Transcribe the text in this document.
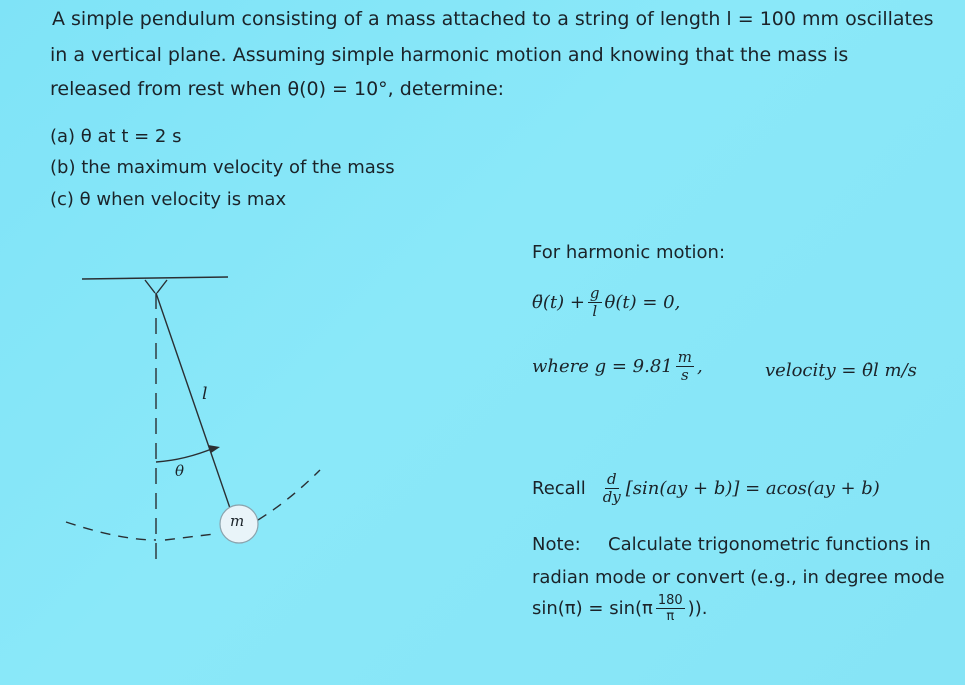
A simple pendulum consisting of a mass attached to a string of length l = 100 mm oscillates
in a vertical plane. Assuming simple harmonic motion and knowing that the mass is
released from rest when θ(0) = 10°, determine:
(a) θ at t = 2 s
(b) the maximum velocity of the mass
(c) θ when velocity is max
l
θ
m
For harmonic motion:
θ̈(t) + $\frac{g}{l} \theta(t) = 0$,
where $g = 9.81 \frac{m}{s}$ ,	velocity = θ̇l m/s
Recall $\frac{d}{dy} [\sin(ay + b)] = acos(ay + b)$
Note: Calculate trigonometric functions in
radian mode or convert (e.g., in degree mode
$\sin(\pi) = \sin(\pi \frac{180}{\pi}$ )).
